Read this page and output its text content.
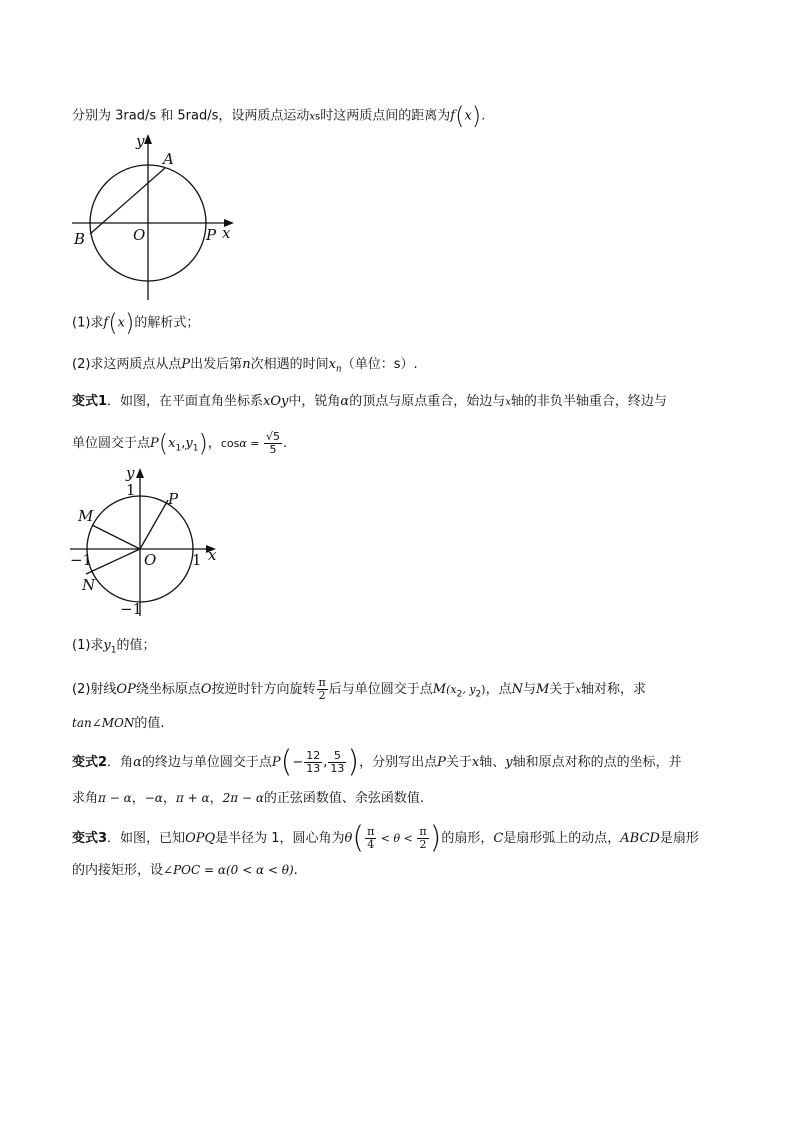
分别为 3rad/s 和 5rad/s，设两质点运动xs时这两质点间的距离为f(x).
y
A
B	O	P x
(1)求f(x)的解析式；
(2)求这两质点从点P出发后第n次相遇的时间$x_n$（单位：s）.
变式1．如图，在平面直角坐标系xOy中，锐角α的顶点与原点重合，始边与x轴的非负半轴重合，终边与
单位圆交于点$P(x_1,y_1)$，$\cos\alpha = \frac{√5}{5}$ .
y
1 P
M
−1	O 1 x
N
−1
(1)求$y_1$的值；
(2)射线OP绕坐标原点O按逆时针方向旋转 $\frac{\pi}{2}$ 后与单位圆交于点$M(x_2$, $y_2$)，点N与M关于x轴对称，求
tan∠MON的值.
变式2．角α的终边与单位圆交于点$P(- \frac{12}{13}$ , $\frac{5}{13}$ )，分别写出点P关于x轴、y轴和原点对称的点的坐标，并
求角π − α，−α，π + α，2π − α的正弦函数值、余弦函数值.
变式3．如图，已知OPQ是半径为 1，圆心角为$\theta( \frac{\pi}{4} < \theta < \frac{\pi}{2}$ )的扇形，C是扇形弧上的动点，ABCD是扇形
的内接矩形，设∠POC = α(0 < α < θ).
